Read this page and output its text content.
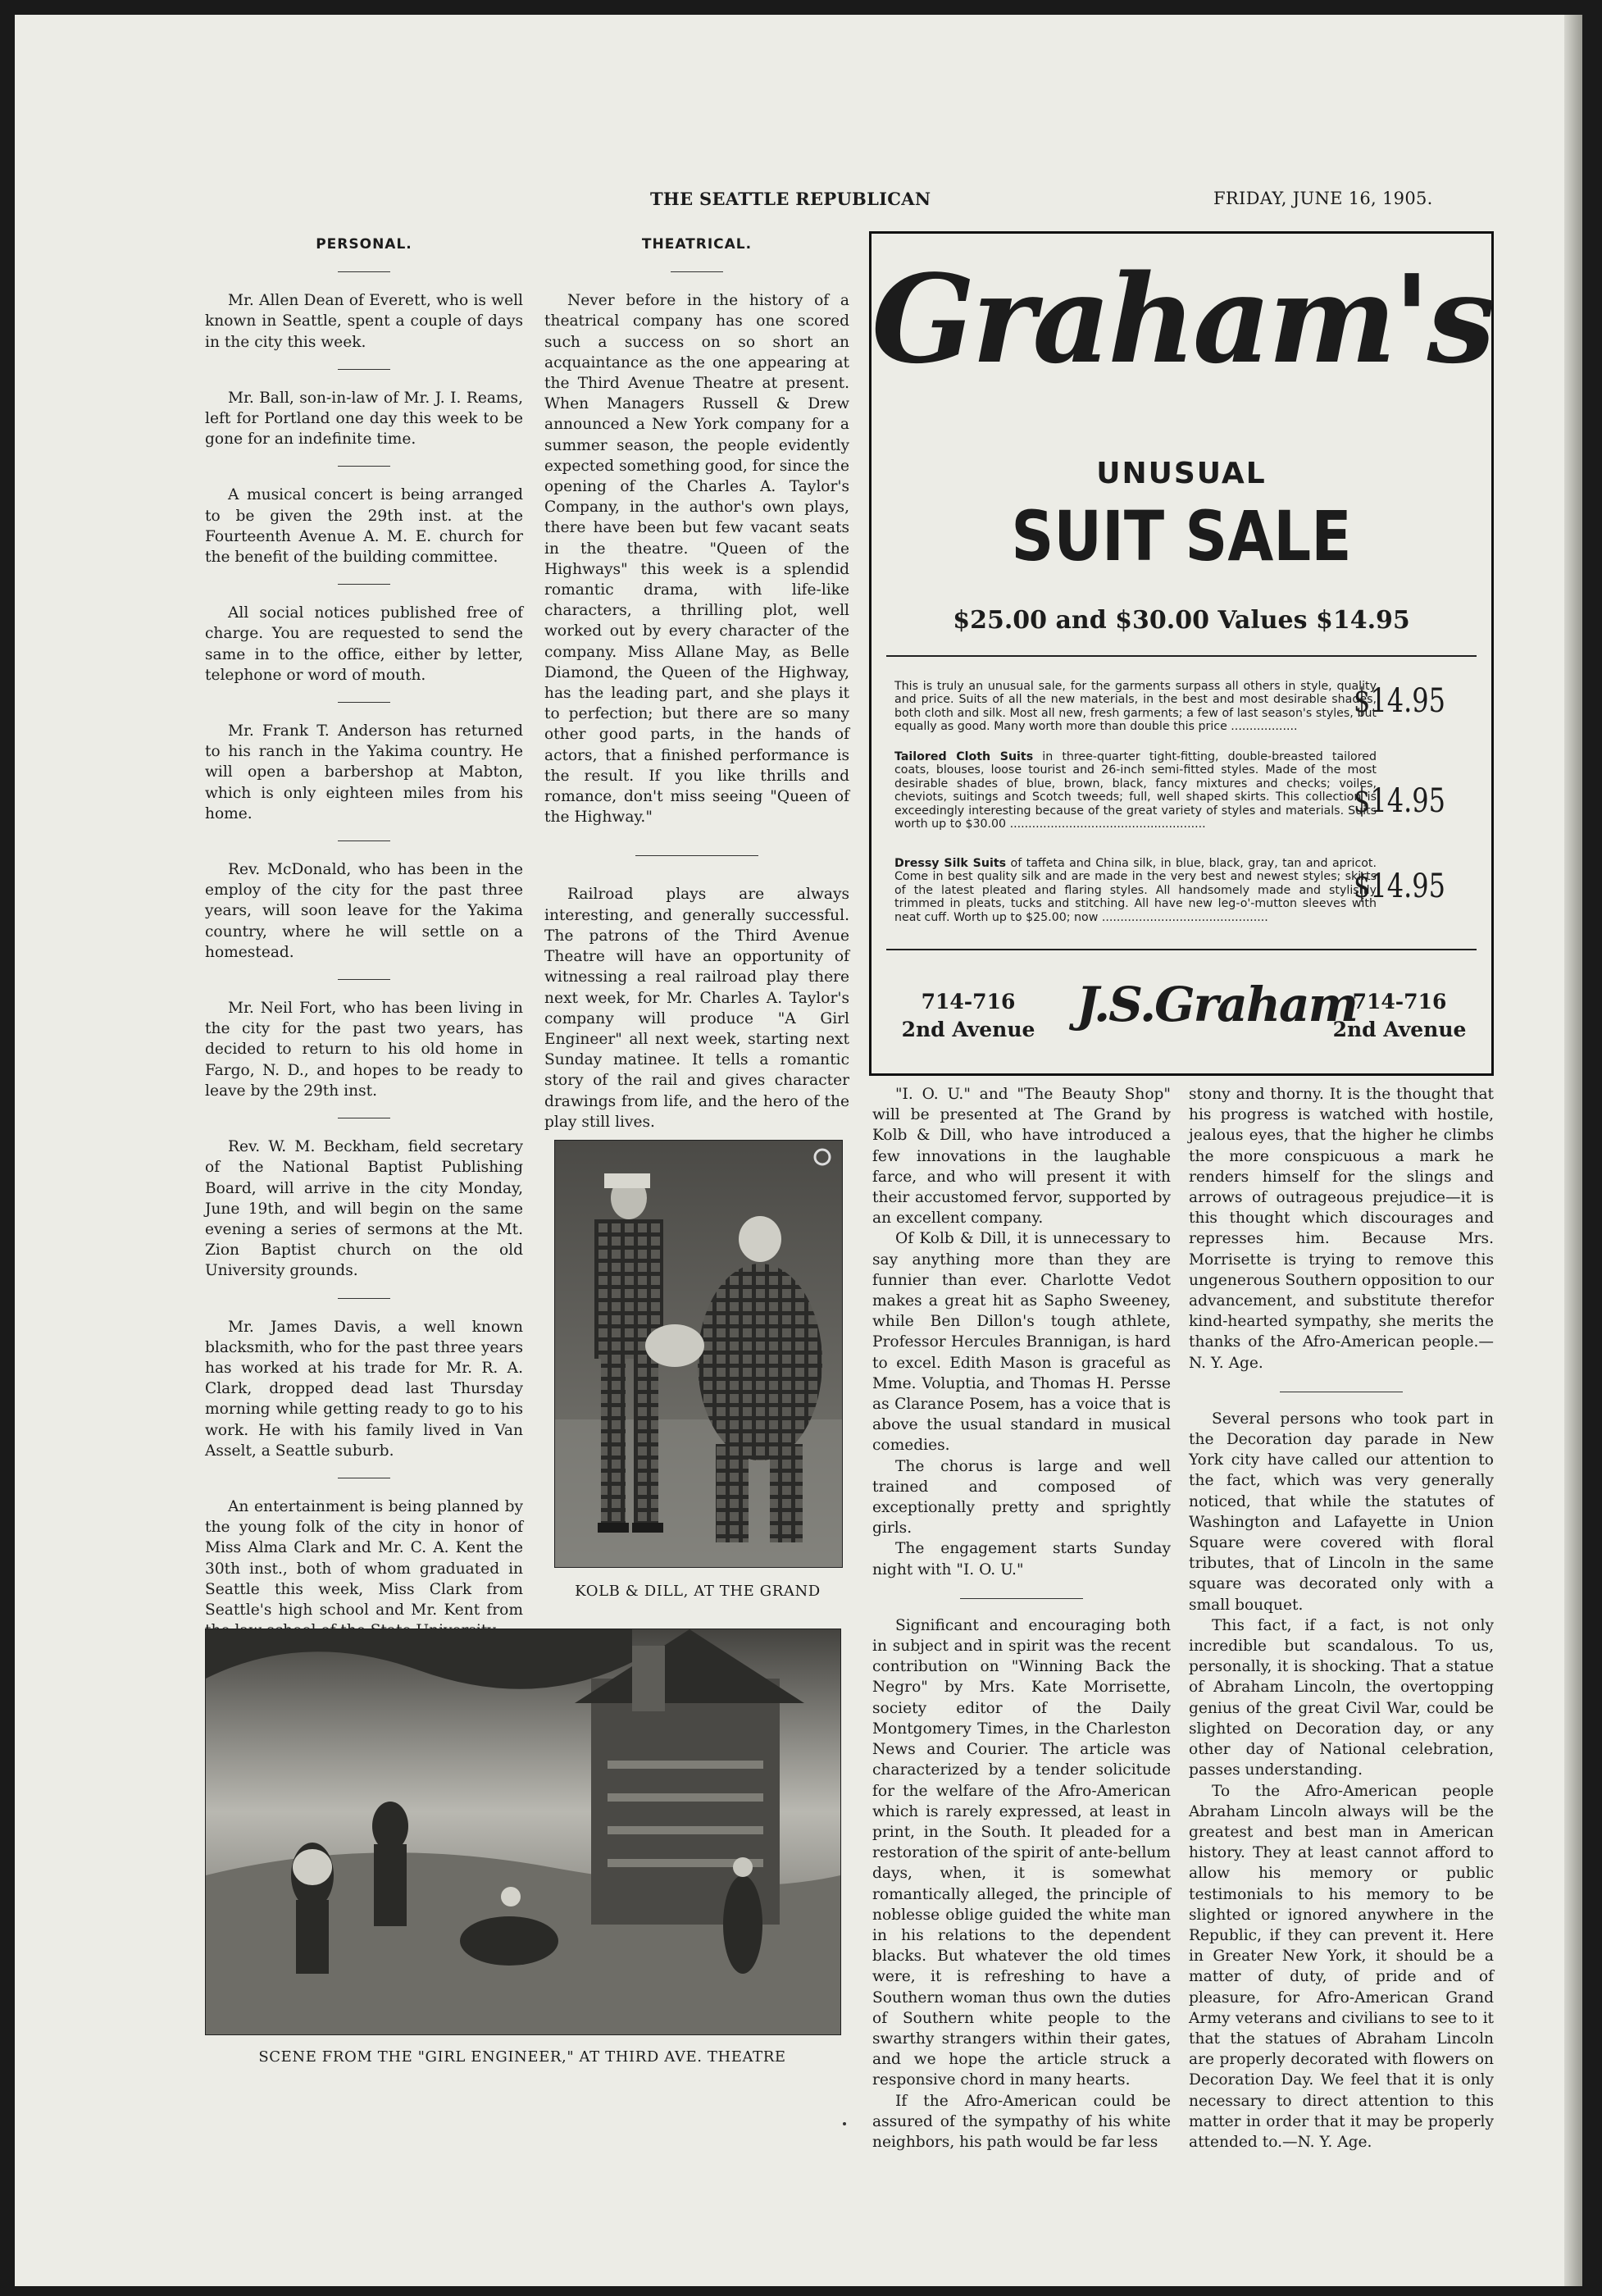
THE SEATTLE REPUBLICAN	FRIDAY, JUNE 16, 1905.
PERSONAL.

Mr. Allen Dean of Everett, who is well known in Seattle, spent a couple of days in the city this week.

Mr. Ball, son-in-law of Mr. J. I. Reams, left for Portland one day this week to be gone for an indefinite time.

A musical concert is being arranged to be given the 29th inst. at the Fourteenth Avenue A. M. E. church for the benefit of the building committee.

All social notices published free of charge. You are requested to send the same in to the office, either by letter, telephone or word of mouth.

Mr. Frank T. Anderson has returned to his ranch in the Yakima country. He will open a barbershop at Mabton, which is only eighteen miles from his home.

Rev. McDonald, who has been in the employ of the city for the past three years, will soon leave for the Yakima country, where he will settle on a homestead.

Mr. Neil Fort, who has been living in the city for the past two years, has decided to return to his old home in Fargo, N. D., and hopes to be ready to leave by the 29th inst.

Rev. W. M. Beckham, field secretary of the National Baptist Publishing Board, will arrive in the city Monday, June 19th, and will begin on the same evening a series of sermons at the Mt. Zion Baptist church on the old University grounds.

Mr. James Davis, a well known blacksmith, who for the past three years has worked at his trade for Mr. R. A. Clark, dropped dead last Thursday morning while getting ready to go to his work. He with his family lived in Van Asselt, a Seattle suburb.

An entertainment is being planned by the young folk of the city in honor of Miss Alma Clark and Mr. C. A. Kent the 30th inst., both of whom graduated in Seattle this week, Miss Clark from Seattle's high school and Mr. Kent from

THEATRICAL.

Never before in the history of a theatrical company has one scored such a success on so short an acquaintance as the one appearing at the Third Avenue Theatre at present. When Managers Russell & Drew announced a New York company for a summer season, the people evidently expected something good, for since the opening of the Charles A. Taylor's Company, in the author's own plays, there have been but few vacant seats in the theatre. "Queen of the Highways" this week is a splendid romantic drama, with life-like characters, a thrilling plot, well worked out by every character of the company. Miss Allane May, as Belle Diamond, the Queen of the Highway, has the leading part, and she plays it to perfection; but there are so many other good parts, in the hands of actors, that a finished performance is the result. If you like thrills and romance, don't miss seeing "Queen of the Highway."

Railroad plays are always interesting, and generally successful. The patrons of the Third Avenue Theatre will have an opportunity of witnessing a real railroad play there next week, for Mr. Charles A. Taylor's company will produce "A Girl Engineer" all next week, starting next Sunday matinee. It tells a romantic story of the rail and gives character drawings from life, and the hero of the play still lives.

KOLB & DILL, AT THE GRAND
SCENE FROM THE "GIRL ENGINEER," AT THIRD AVE. THEATRE
Graham's
UNUSUAL
SUIT SALE
$25.00 and $30.00 Values $14.95
This is truly an unusual sale, for the garments surpass all others in style, quality and price. Suits of all the new materials, in the best and most desirable shades, both cloth and silk. Most all new, fresh garments; a few of last season's styles, but equally as good. Many worth more than double this price ..................
$14.95
Tailored Cloth Suits in three-quarter tight-fitting, double-breasted tailored coats, blouses, loose tourist and 26-inch semi-fitted styles. Made of the most desirable shades of blue, brown, black, fancy mixtures and checks; voiles, cheviots, suitings and Scotch tweeds; full, well shaped skirts. This collection is exceedingly interesting because of the great variety of styles and materials. Suits worth up to $30.00 .....................................................
$14.95
Dressy Silk Suits of taffeta and China silk, in blue, black, gray, tan and apricot. Come in best quality silk and are made in the very best and newest styles; skirts of the latest pleated and flaring styles. All handsomely made and stylishly trimmed in pleats, tucks and stitching. All have new leg-o'-mutton sleeves with neat cuff. Worth up to $25.00; now .............................................
$14.95
714-716
2nd Avenue J.S.Graham
714-716
2nd Avenue

"I. O. U." and "The Beauty Shop" will be presented at The Grand by Kolb & Dill, who have introduced a few innovations in the laughable farce, and who will present it with their accustomed fervor, supported by an excellent company.

Of Kolb & Dill, it is unnecessary to say anything more than they are funnier than ever. Charlotte Vedot makes a great hit as Sapho Sweeney, while Ben Dillon's tough athlete, Professor Hercules Brannigan, is hard to excel. Edith Mason is graceful as Mme. Voluptia, and Thomas H. Persse as Clarance Posem, has a voice that is above the usual standard in musical comedies.

The chorus is large and well trained and composed of exceptionally pretty and sprightly girls.

The engagement starts Sunday night with "I. O. U."

Significant and encouraging both in subject and in spirit was the recent contribution on "Winning Back the Negro" by Mrs. Kate Morrisette, society editor of the Daily Montgomery Times, in the Charleston News and Courier. The article was characterized by a tender solicitude for the welfare of the Afro-American which is rarely expressed, at least in print, in the South. It pleaded for a restoration of the spirit of ante-bellum days, when, it is somewhat romantically alleged, the principle of noblesse oblige guided the white man in his relations to the dependent blacks. But whatever the old times were, it is refreshing to have a Southern woman thus own the duties of Southern white people to the swarthy strangers within their gates, and we hope the article struck a responsive chord in many hearts.

If the Afro-American could be assured of the sympathy of his white neighbors, his path would be far less

stony and thorny. It is the thought that his progress is watched with hostile, jealous eyes, that the higher he climbs the more conspicuous a mark he renders himself for the slings and arrows of outrageous prejudice—it is this thought which discourages and represses him. Because Mrs. Morrisette is trying to remove this ungenerous Southern opposition to our advancement, and substitute therefor kind-hearted sympathy, she merits the thanks of the Afro-American people.—N. Y. Age.

Several persons who took part in the Decoration day parade in New York city have called our attention to the fact, which was very generally noticed, that while the statutes of Washington and Lafayette in Union Square were covered with floral tributes, that of Lincoln in the same square was decorated only with a small bouquet.

This fact, if a fact, is not only incredible but scandalous. To us, personally, it is shocking. That a statue of Abraham Lincoln, the overtopping genius of the great Civil War, could be slighted on Decoration day, or any other day of National celebration, passes understanding.

To the Afro-American people Abraham Lincoln always will be the greatest and best man in American history. They at least cannot afford to allow his memory or public testimonials to his memory to be slighted or ignored anywhere in the Republic, if they can prevent it. Here in Greater New York, it should be a matter of duty, of pride and of pleasure, for Afro-American Grand Army veterans and civilians to see to it that the statues of Abraham Lincoln are properly decorated with flowers on Decoration Day. We feel that it is only necessary to direct attention to this matter in order that it may be properly attended to.—N. Y. Age.
